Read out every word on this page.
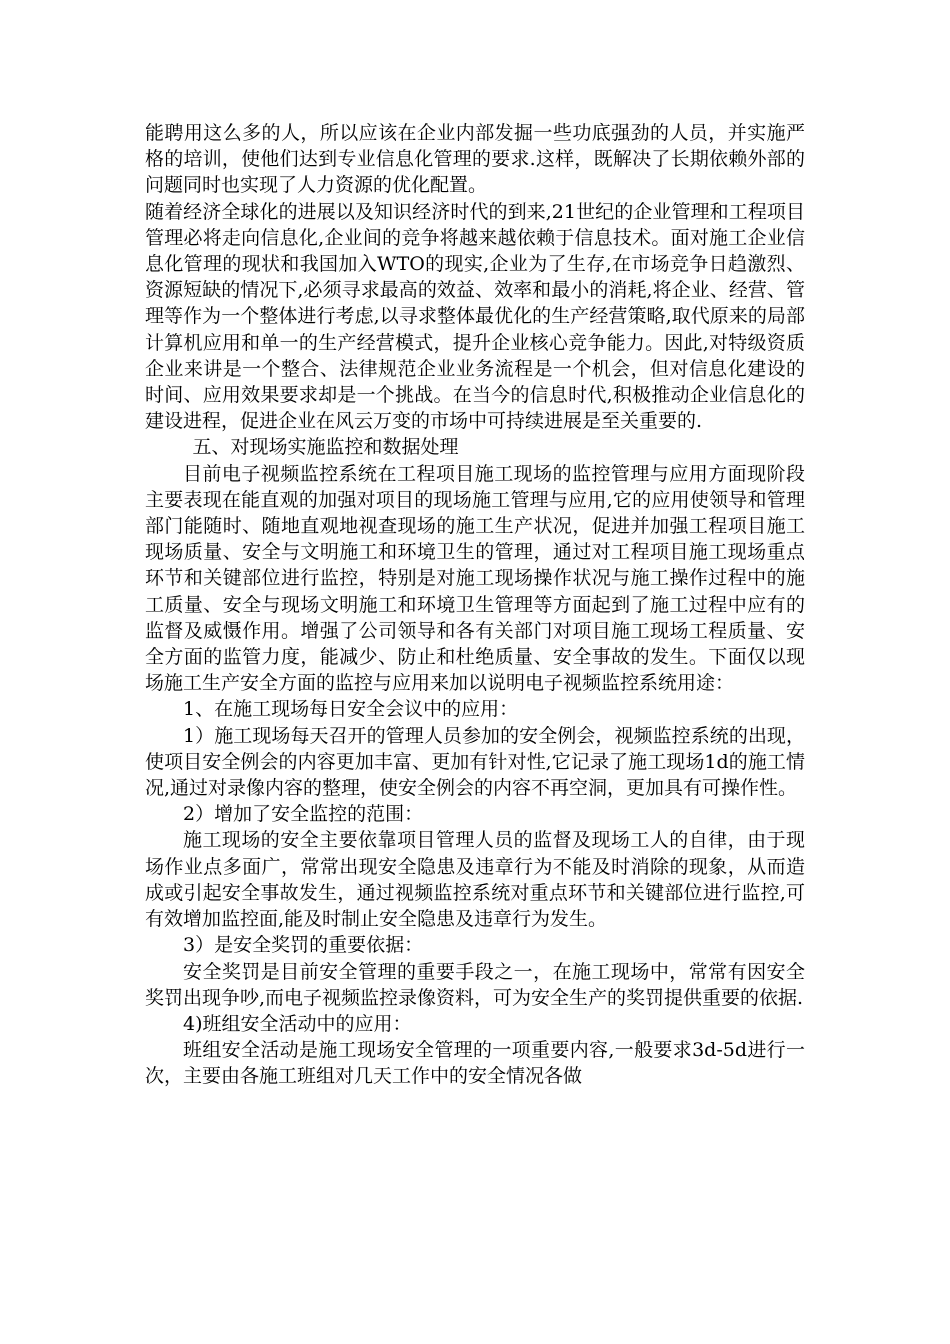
能聘用这么多的人，所以应该在企业内部发掘一些功底强劲的人员，并实施严格的培训，使他们达到专业信息化管理的要求.这样，既解决了长期依赖外部的问题同时也实现了人力资源的优化配置。

随着经济全球化的进展以及知识经济时代的到来,21世纪的企业管理和工程项目管理必将走向信息化,企业间的竞争将越来越依赖于信息技术。面对施工企业信息化管理的现状和我国加入WTO的现实,企业为了生存,在市场竞争日趋激烈、资源短缺的情况下,必须寻求最高的效益、效率和最小的消耗,将企业、经营、管理等作为一个整体进行考虑,以寻求整体最优化的生产经营策略,取代原来的局部计算机应用和单一的生产经营模式，提升企业核心竞争能力。因此,对特级资质企业来讲是一个整合、法律规范企业业务流程是一个机会，但对信息化建设的时间、应用效果要求却是一个挑战。在当今的信息时代,积极推动企业信息化的建设进程，促进企业在风云万变的市场中可持续进展是至关重要的.

五、对现场实施监控和数据处理

目前电子视频监控系统在工程项目施工现场的监控管理与应用方面现阶段主要表现在能直观的加强对项目的现场施工管理与应用,它的应用使领导和管理部门能随时、随地直观地视查现场的施工生产状况，促进并加强工程项目施工现场质量、安全与文明施工和环境卫生的管理，通过对工程项目施工现场重点环节和关键部位进行监控，特别是对施工现场操作状况与施工操作过程中的施工质量、安全与现场文明施工和环境卫生管理等方面起到了施工过程中应有的监督及威慑作用。增强了公司领导和各有关部门对项目施工现场工程质量、安全方面的监管力度，能减少、防止和杜绝质量、安全事故的发生。下面仅以现场施工生产安全方面的监控与应用来加以说明电子视频监控系统用途：

1、在施工现场每日安全会议中的应用：

1）施工现场每天召开的管理人员参加的安全例会，视频监控系统的出现，使项目安全例会的内容更加丰富、更加有针对性,它记录了施工现场1d的施工情况,通过对录像内容的整理，使安全例会的内容不再空洞，更加具有可操作性。

2）增加了安全监控的范围：

施工现场的安全主要依靠项目管理人员的监督及现场工人的自律，由于现场作业点多面广，常常出现安全隐患及违章行为不能及时消除的现象，从而造成或引起安全事故发生，通过视频监控系统对重点环节和关键部位进行监控,可有效增加监控面,能及时制止安全隐患及违章行为发生。

3）是安全奖罚的重要依据：

安全奖罚是目前安全管理的重要手段之一，在施工现场中，常常有因安全奖罚出现争吵,而电子视频监控录像资料，可为安全生产的奖罚提供重要的依据.

4)班组安全活动中的应用：

班组安全活动是施工现场安全管理的一项重要内容,一般要求3d-5d进行一次，主要由各施工班组对几天工作中的安全情况各做
